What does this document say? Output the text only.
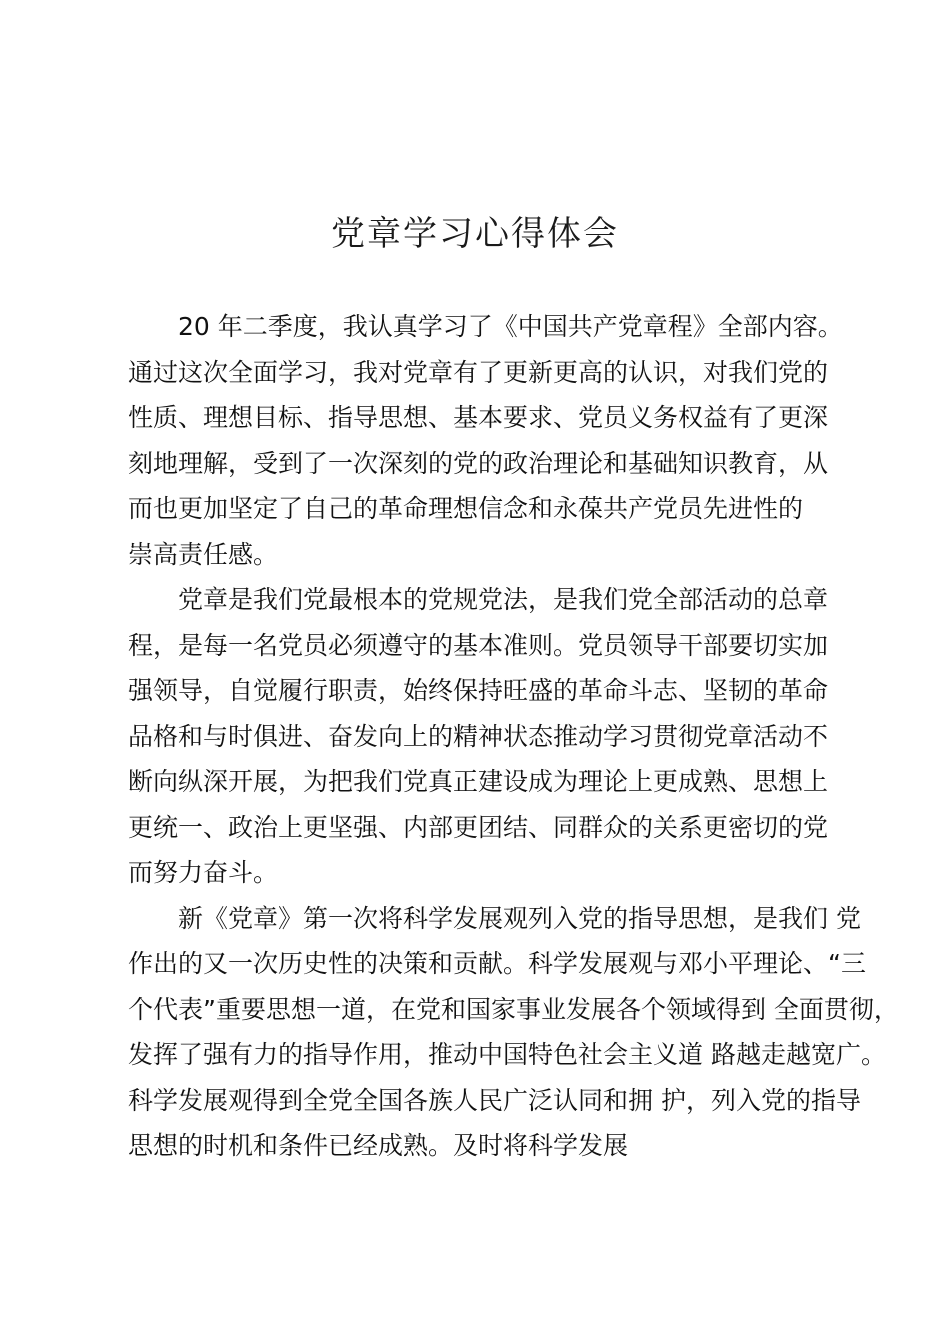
党章学习心得体会
20 年二季度，我认真学习了《中国共产党章程》全部内容。
通过这次全面学习，我对党章有了更新更高的认识，对我们党的
性质、理想目标、指导思想、基本要求、党员义务权益有了更深
刻地理解，受到了一次深刻的党的政治理论和基础知识教育，从
而也更加坚定了自己的革命理想信念和永葆共产党员先进性的
崇高责任感。
党章是我们党最根本的党规党法，是我们党全部活动的总章
程，是每一名党员必须遵守的基本准则。党员领导干部要切实加
强领导，自觉履行职责，始终保持旺盛的革命斗志、坚韧的革命
品格和与时俱进、奋发向上的精神状态推动学习贯彻党章活动不
断向纵深开展，为把我们党真正建设成为理论上更成熟、思想上
更统一、政治上更坚强、内部更团结、同群众的关系更密切的党
而努力奋斗。
新《党章》第一次将科学发展观列入党的指导思想，是我们 党
作出的又一次历史性的决策和贡献。科学发展观与邓小平理论、“三
个代表”重要思想一道，在党和国家事业发展各个领域得到 全面贯彻，
发挥了强有力的指导作用，推动中国特色社会主义道 路越走越宽广。
科学发展观得到全党全国各族人民广泛认同和拥 护，列入党的指导
思想的时机和条件已经成熟。及时将科学发展
